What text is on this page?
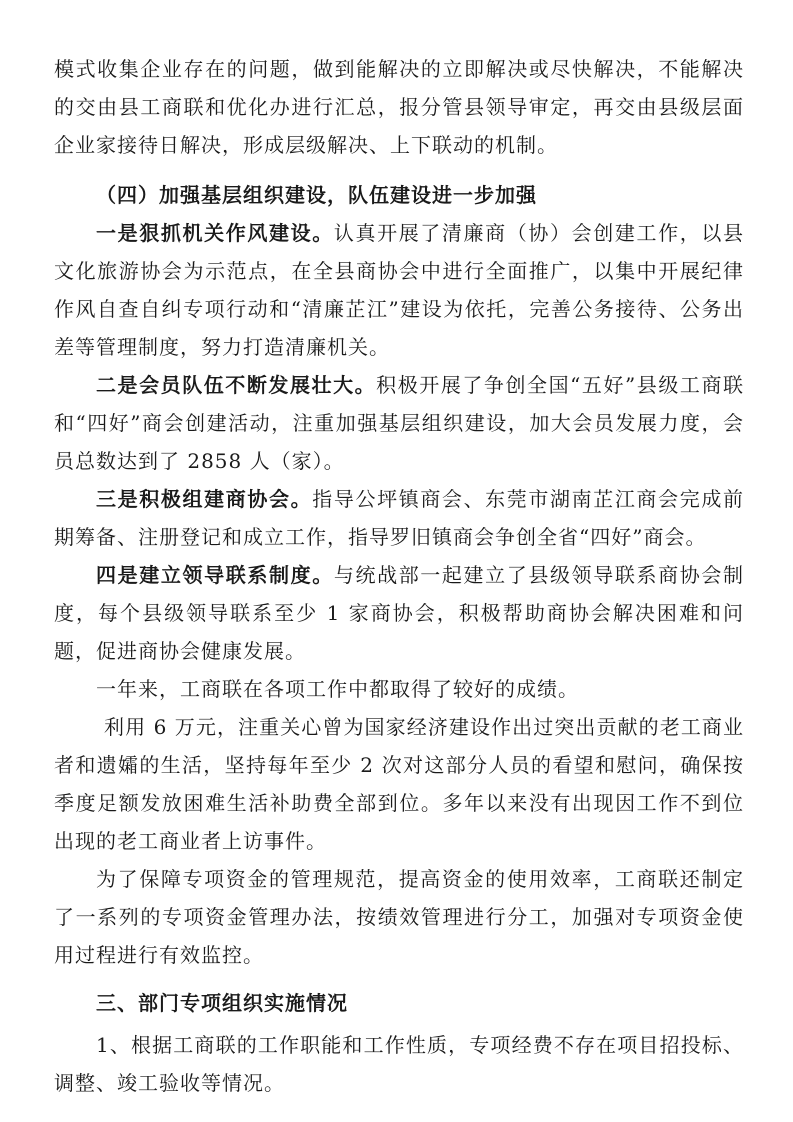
模式收集企业存在的问题，做到能解决的立即解决或尽快解决，不能解决的交由县工商联和优化办进行汇总，报分管县领导审定，再交由县级层面企业家接待日解决，形成层级解决、上下联动的机制。

（四）加强基层组织建设，队伍建设进一步加强

一是狠抓机关作风建设。认真开展了清廉商（协）会创建工作，以县文化旅游协会为示范点，在全县商协会中进行全面推广，以集中开展纪律作风自查自纠专项行动和“清廉芷江”建设为依托，完善公务接待、公务出差等管理制度，努力打造清廉机关。

二是会员队伍不断发展壮大。积极开展了争创全国“五好”县级工商联和“四好”商会创建活动，注重加强基层组织建设，加大会员发展力度，会员总数达到了 2858 人（家）。

三是积极组建商协会。指导公坪镇商会、东莞市湖南芷江商会完成前期筹备、注册登记和成立工作，指导罗旧镇商会争创全省“四好”商会。

四是建立领导联系制度。与统战部一起建立了县级领导联系商协会制度，每个县级领导联系至少 1 家商协会，积极帮助商协会解决困难和问题，促进商协会健康发展。

一年来，工商联在各项工作中都取得了较好的成绩。

利用 6 万元，注重关心曾为国家经济建设作出过突出贡献的老工商业者和遗孀的生活，坚持每年至少 2 次对这部分人员的看望和慰问，确保按季度足额发放困难生活补助费全部到位。多年以来没有出现因工作不到位出现的老工商业者上访事件。

为了保障专项资金的管理规范，提高资金的使用效率，工商联还制定了一系列的专项资金管理办法，按绩效管理进行分工，加强对专项资金使用过程进行有效监控。

三、部门专项组织实施情况

1、根据工商联的工作职能和工作性质，专项经费不存在项目招投标、调整、竣工验收等情况。
